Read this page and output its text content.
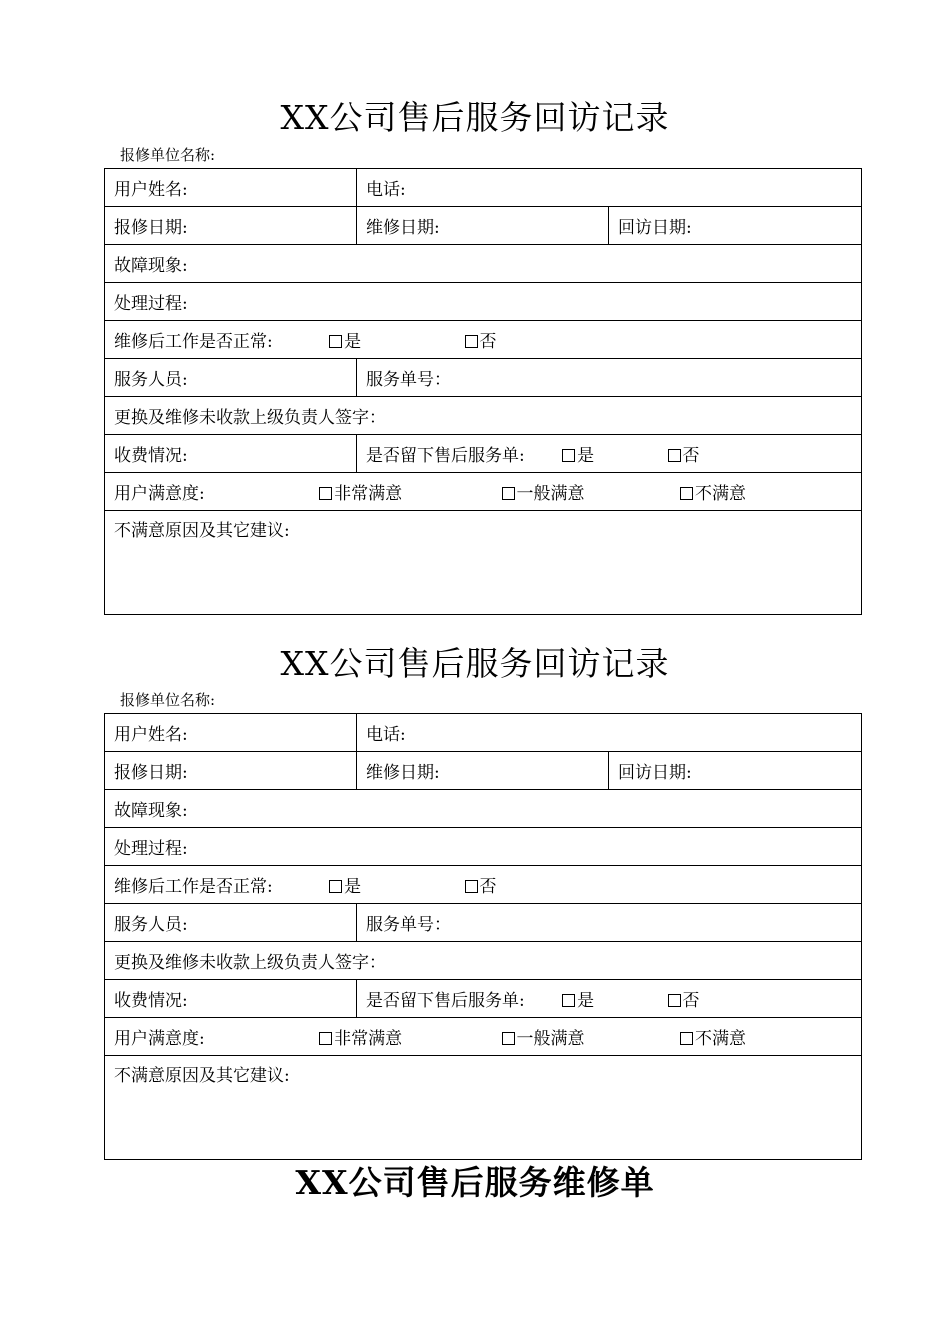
XX公司售后服务回访记录
报修单位名称:
用户姓名:	电话:	
报修日期:	维修日期:	回访日期:
故障现象:		
处理过程:		
维修后工作是否正常: 是 否		
服务人员:	服务单号：	
更换及维修未收款上级负责人签字：		
收费情况:	是否留下售后服务单: 是 否	
用户满意度: 非常满意 一般满意 不满意		
不满意原因及其它建议:		
XX公司售后服务回访记录
报修单位名称:
用户姓名:	电话:	
报修日期:	维修日期:	回访日期:
故障现象:		
处理过程:		
维修后工作是否正常: 是 否		
服务人员:	服务单号：	
更换及维修未收款上级负责人签字：		
收费情况:	是否留下售后服务单: 是 否	
用户满意度: 非常满意 一般满意 不满意		
不满意原因及其它建议:		
XX公司售后服务维修单
